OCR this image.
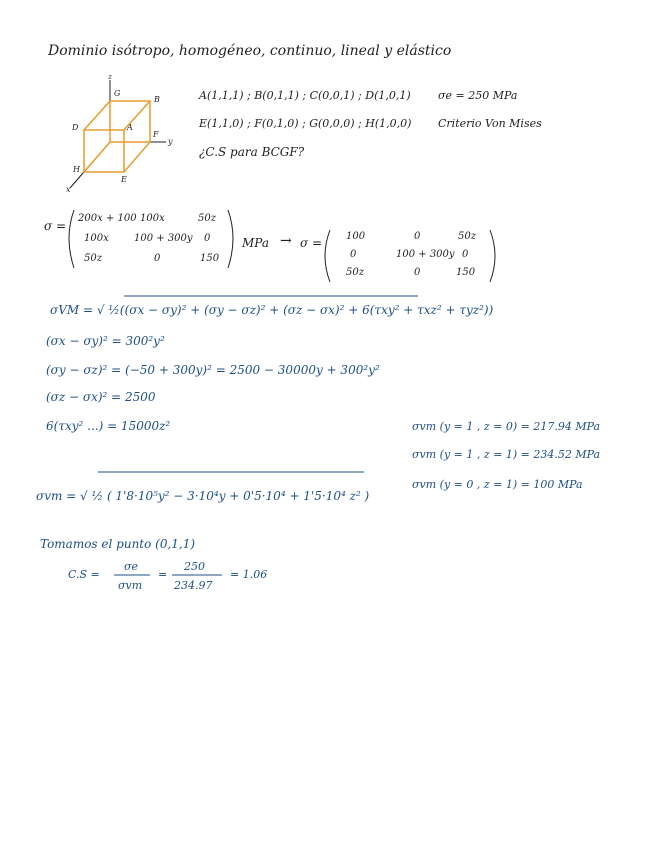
Dominio isótropo, homogéneo, continuo, lineal y elástico
z
y
x
G
B
A
D
F
H
E
A(1,1,1) ; B(0,1,1) ; C(0,0,1) ; D(1,0,1)
E(1,1,0) ; F(0,1,0) ; G(0,0,0) ; H(1,0,0)
¿C.S para BCGF?
σe = 250 MPa
Criterio Von Mises
σ =
200x + 100 100x	50z
100x	100 + 300y 0
50z	0	150
MPa → σ = 100	0	50z
0	100 + 300y 0
50z	0	150
σVM = √ ½((σx − σy)² + (σy − σz)² + (σz − σx)² + 6(τxy² + τxz² + τyz²))
(σx − σy)² = 300²y²
(σy − σz)² = (−50 + 300y)² = 2500 − 30000y + 300²y²
(σz − σx)² = 2500
6(τxy² ...) = 15000z²	σvm (y = 1 , z = 0) = 217.94 MPa
σvm (y = 1 , z = 1) = 234.52 MPa
σvm (y = 0 , z = 1) = 100 MPa
σvm = √ ½ ( 1'8·10⁵y² − 3·10⁴y + 0'5·10⁴ + 1'5·10⁴ z² )
Tomamos el punto (0,1,1)
C.S =
σe
σvm
=
250
234.97
= 1.06
